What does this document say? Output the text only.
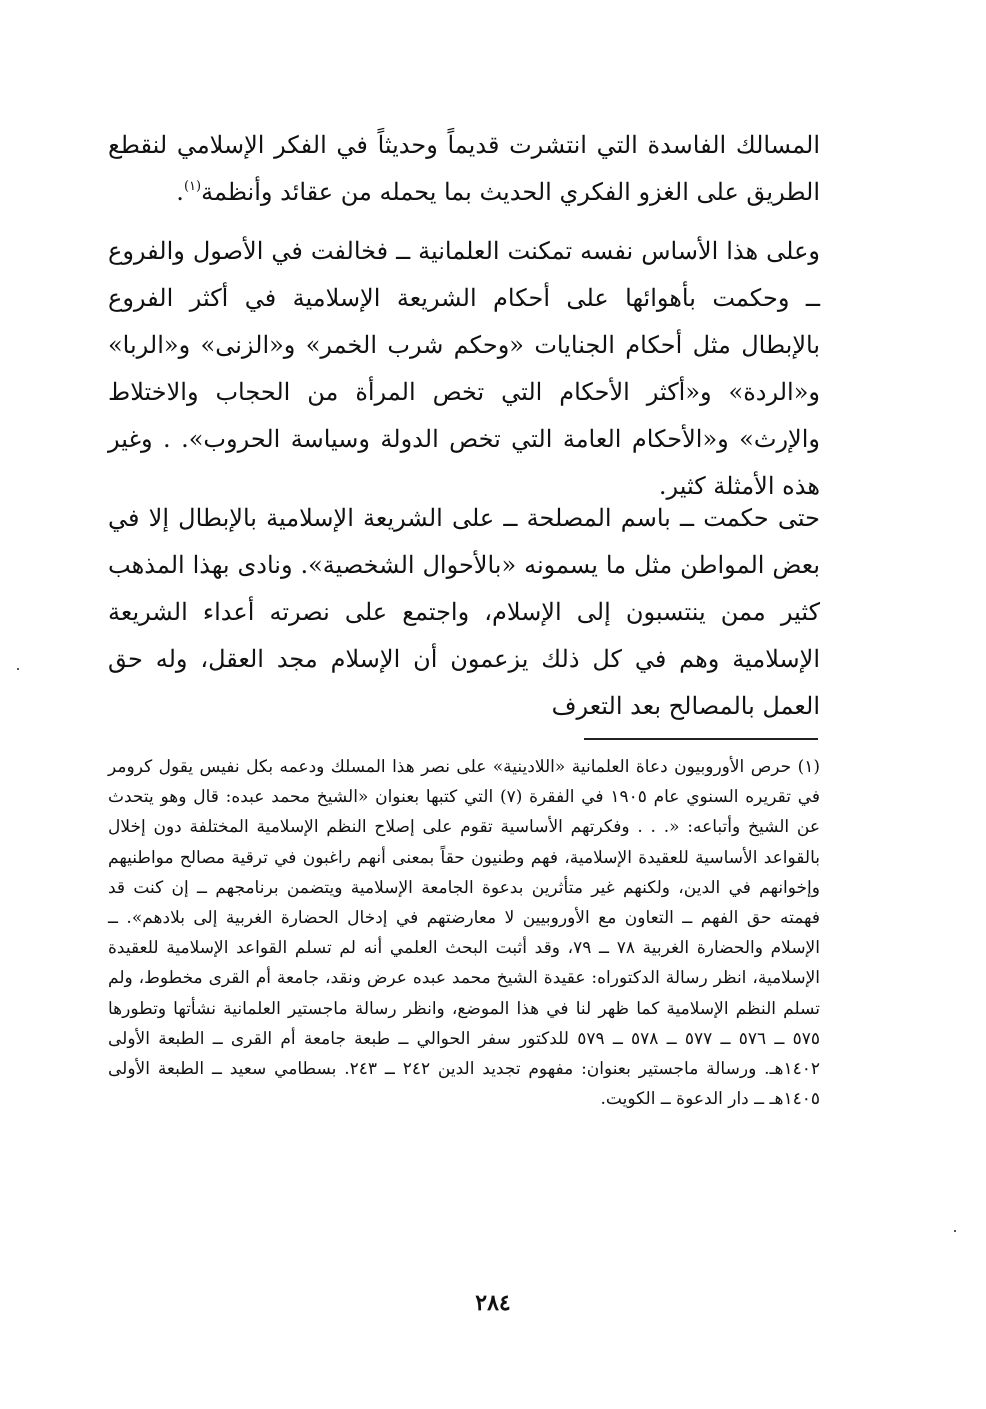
المسالك الفاسدة التي انتشرت قديماً وحديثاً في الفكر الإسلامي لنقطع الطريق على الغزو الفكري الحديث بما يحمله من عقائد وأنظمة$^{(١)}$.
وعلى هذا الأساس نفسه تمكنت العلمانية ــ فخالفت في الأصول والفروع ــ وحكمت بأهوائها على أحكام الشريعة الإسلامية في أكثر الفروع بالإبطال مثل أحكام الجنايات «وحكم شرب الخمر» و«الزنى» و«الربا» و«الردة» و«أكثر الأحكام التي تخص المرأة من الحجاب والاختلاط والإرث» و«الأحكام العامة التي تخص الدولة وسياسة الحروب». . وغير هذه الأمثلة كثير.
حتى حكمت ــ باسم المصلحة ــ على الشريعة الإسلامية بالإبطال إلا في بعض المواطن مثل ما يسمونه «بالأحوال الشخصية». ونادى بهذا المذهب كثير ممن ينتسبون إلى الإسلام، واجتمع على نصرته أعداء الشريعة الإسلامية وهم في كل ذلك يزعمون أن الإسلام مجد العقل، وله حق العمل بالمصالح بعد التعرف
(١) حرص الأوروبيون دعاة العلمانية «اللادينية» على نصر هذا المسلك ودعمه بكل نفيس يقول كرومر في تقريره السنوي عام ١٩٠٥ في الفقرة (٧) التي كتبها بعنوان «الشيخ محمد عبده: قال وهو يتحدث عن الشيخ وأتباعه: «. . . وفكرتهم الأساسية تقوم على إصلاح النظم الإسلامية المختلفة دون إخلال بالقواعد الأساسية للعقيدة الإسلامية، فهم وطنيون حقاً بمعنى أنهم راغبون في ترقية مصالح مواطنيهم وإخوانهم في الدين، ولكنهم غير متأثرين بدعوة الجامعة الإسلامية ويتضمن برنامجهم ــ إن كنت قد فهمته حق الفهم ــ التعاون مع الأوروبيين لا معارضتهم في إدخال الحضارة الغربية إلى بلادهم». ــ الإسلام والحضارة الغربية ٧٨ ــ ٧٩، وقد أثبت البحث العلمي أنه لم تسلم القواعد الإسلامية للعقيدة الإسلامية، انظر رسالة الدكتوراه: عقيدة الشيخ محمد عبده عرض ونقد، جامعة أم القرى مخطوط، ولم تسلم النظم الإسلامية كما ظهر لنا في هذا الموضع، وانظر رسالة ماجستير العلمانية نشأتها وتطورها ٥٧٥ ــ ٥٧٦ ــ ٥٧٧ ــ ٥٧٨ ــ ٥٧٩ للدكتور سفر الحوالي ــ طبعة جامعة أم القرى ــ الطبعة الأولى ١٤٠٢هـ. ورسالة ماجستير بعنوان: مفهوم تجديد الدين ٢٤٢ ــ ٢٤٣. بسطامي سعيد ــ الطبعة الأولى ١٤٠٥هـ ــ دار الدعوة ــ الكويت.
٢٨٤
